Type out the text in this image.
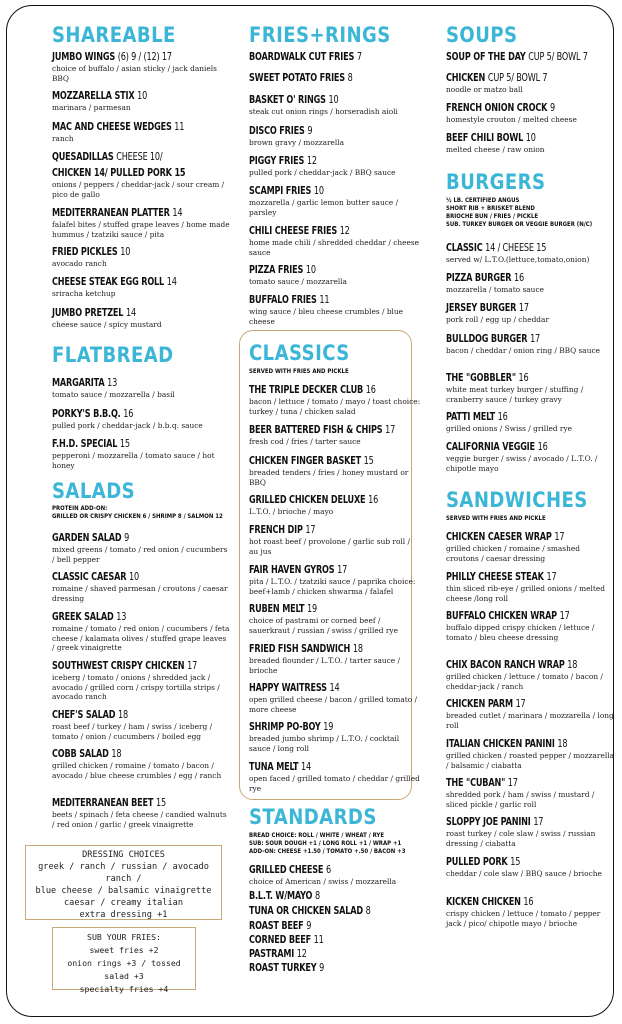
SHAREABLE
JUMBO WINGS (6) 9 / (12) 17
choice of buffalo / asian sticky / jack daniels BBQ
MOZZARELLA STIX 10
marinara / parmesan
MAC AND CHEESE WEDGES 11
ranch
QUESADILLAS CHEESE 10/
CHICKEN 14/ PULLED PORK 15
onions / peppers / cheddar-jack / sour cream / pico de gallo
MEDITERRANEAN PLATTER 14
falafel bites / stuffed grape leaves / home made hummus / tzatziki sauce / pita
FRIED PICKLES 10
avocado ranch
CHEESE STEAK EGG ROLL 14
sriracha ketchup
JUMBO PRETZEL 14
cheese sauce / spicy mustard
FLATBREAD
MARGARITA 13
tomato sauce / mozzarella / basil
PORKY'S B.B.Q. 16
pulled pork / cheddar-jack / b.b.q. sauce
F.H.D. SPECIAL 15
pepperoni / mozzarella / tomato sauce / hot honey
SALADS
PROTEIN ADD-ON:
GRILLED OR CRISPY CHICKEN 6 / SHRIMP 8 / SALMON 12
GARDEN SALAD 9
mixed greens / tomato / red onion / cucumbers / bell pepper
CLASSIC CAESAR 10
romaine / shaved parmesan / croutons / caesar dressing
GREEK SALAD 13
romaine / tomato / red onion / cucumbers / feta cheese / kalamata olives / stuffed grape leaves / greek vinaigrette
SOUTHWEST CRISPY CHICKEN 17
iceberg / tomato / onions / shredded jack / avocado / grilled corn / crispy tortilla strips / avocado ranch
CHEF'S SALAD 18
roast beef / turkey / ham / swiss / iceberg / tomato / onion / cucumbers / boiled egg
COBB SALAD 18
grilled chicken / romaine / tomato / bacon / avocado / blue cheese crumbles / egg / ranch
MEDITERRANEAN BEET 15
beets / spinach / feta cheese / candied walnuts / red onion / garlic / greek vinaigrette
DRESSING CHOICES
greek / ranch / russian / avocado ranch /
blue cheese / balsamic vinaigrette
caesar / creamy italian
extra dressing +1
SUB YOUR FRIES:
sweet fries +2
onion rings +3 / tossed salad +3
specialty fries +4
FRIES+RINGS
BOARDWALK CUT FRIES 7
SWEET POTATO FRIES 8
BASKET O' RINGS 10
steak cut onion rings / horseradish aioli
DISCO FRIES 9
brown gravy / mozzarella
PIGGY FRIES 12
pulled pork / cheddar-jack / BBQ sauce
SCAMPI FRIES 10
mozzarella / garlic lemon butter sauce / parsley
CHILI CHEESE FRIES 12
home made chili / shredded cheddar / cheese sauce
PIZZA FRIES 10
tomato sauce / mozzarella
BUFFALO FRIES 11
wing sauce / bleu cheese crumbles / blue cheese
CLASSICS
SERVED WITH FRIES AND PICKLE
THE TRIPLE DECKER CLUB 16
bacon / lettuce / tomato / mayo / toast choice: turkey / tuna / chicken salad
BEER BATTERED FISH & CHIPS 17
fresh cod / fries / tarter sauce
CHICKEN FINGER BASKET 15
breaded tenders / fries / honey mustard or BBQ
GRILLED CHICKEN DELUXE 16
L.T.O. / brioche / mayo
FRENCH DIP 17
hot roast beef / provolone / garlic sub roll / au jus
FAIR HAVEN GYROS 17
pita / L.T.O. / tzatziki sauce / paprika choice: beef+lamb / chicken shwarma / falafel
RUBEN MELT 19
choice of pastrami or corned beef / sauerkraut / russian / swiss / grilled rye
FRIED FISH SANDWICH 18
breaded flounder / L.T.O. / tarter sauce / brioche
HAPPY WAITRESS 14
open grilled cheese / bacon / grilled tomato / more cheese
SHRIMP PO-BOY 19
breaded jumbo shrimp / L.T.O. / cocktail sauce / long roll
TUNA MELT 14
open faced / grilled tomato / cheddar / grilled rye
STANDARDS
BREAD CHOICE: ROLL / WHITE / WHEAT / RYE
SUB: SOUR DOUGH +1 / LONG ROLL +1 / WRAP +1
ADD-ON: CHEESE +1.50 / TOMATO +.50 / BACON +3
GRILLED CHEESE 6
choice of American / swiss / mozzarella
B.L.T. W/MAYO 8
TUNA OR CHICKEN SALAD 8
ROAST BEEF 9
CORNED BEEF 11
PASTRAMI 12
ROAST TURKEY 9
SOUPS
SOUP OF THE DAY CUP 5/ BOWL 7
CHICKEN CUP 5/ BOWL 7
noodle or matzo ball
FRENCH ONION CROCK 9
homestyle crouton / melted cheese
BEEF CHILI BOWL 10
melted cheese / raw onion
BURGERS
½ LB. CERTIFIED ANGUS
SHORT RIB + BRISKET BLEND
BRIOCHE BUN / FRIES / PICKLE
SUB. TURKEY BURGER OR VEGGIE BURGER (N/C)
CLASSIC 14 / CHEESE 15
served w/ L.T.O.(lettuce,tomato,onion)
PIZZA BURGER 16
mozzarella / tomato sauce
JERSEY BURGER 17
pork roll / egg up / cheddar
BULLDOG BURGER 17
bacon / cheddar / onion ring / BBQ sauce
THE "GOBBLER" 16
white meat turkey burger / stuffing / cranberry sauce / turkey gravy
PATTI MELT 16
grilled onions / Swiss / grilled rye
CALIFORNIA VEGGIE 16
veggie burger / swiss / avocado / L.T.O. / chipotle mayo
SANDWICHES
SERVED WITH FRIES AND PICKLE
CHICKEN CAESER WRAP 17
grilled chicken / romaine / smashed croutons / caesar dressing
PHILLY CHEESE STEAK 17
thin sliced rib-eye / grilled onions / melted cheese /long roll
BUFFALO CHICKEN WRAP 17
buffalo dipped crispy chicken / lettuce / tomato / bleu cheese dressing
CHIX BACON RANCH WRAP 18
grilled chicken / lettuce / tomato / bacon / cheddar-jack / ranch
CHICKEN PARM 17
breaded cutlet / marinara / mozzarella / long roll
ITALIAN CHICKEN PANINI 18
grilled chicken / roasted pepper / mozzarella / balsamic / ciabatta
THE "CUBAN" 17
shredded pork / ham / swiss / mustard / sliced pickle / garlic roll
SLOPPY JOE PANINI 17
roast turkey / cole slaw / swiss / russian dressing / ciabatta
PULLED PORK 15
cheddar / cole slaw / BBQ sauce / brioche
KICKEN CHICKEN 16
crispy chicken / lettuce / tomato / pepper jack / pico/ chipotle mayo / brioche
